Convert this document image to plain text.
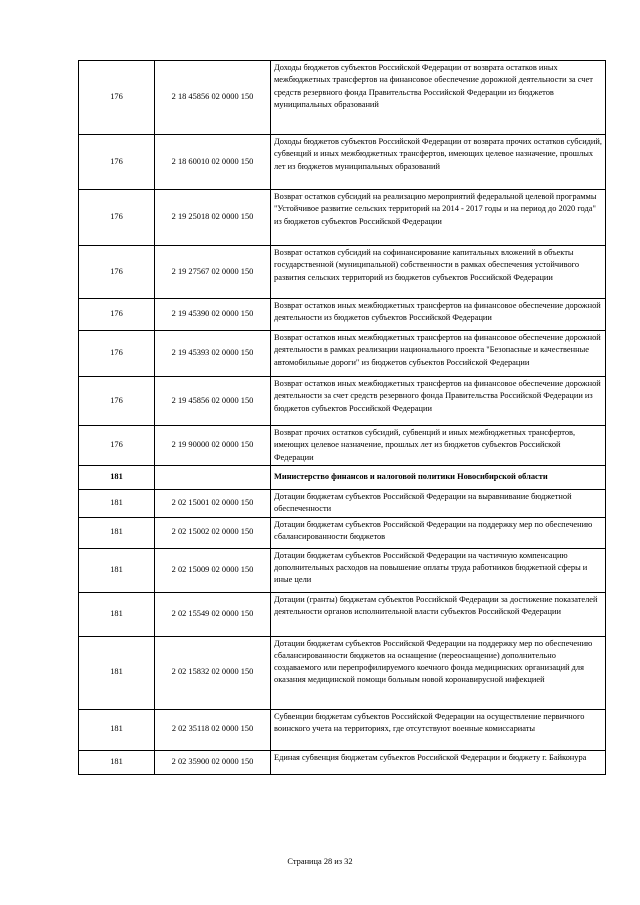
176	2 18 45856 02 0000 150	Доходы бюджетов субъектов Российской Федерации от возврата остатков иных межбюджетных трансфертов на финансовое обеспечение дорожной деятельности за счет средств резервного фонда Правительства Российской Федерации из бюджетов муниципальных образований
176	2 18 60010 02 0000 150	Доходы бюджетов субъектов Российской Федерации от возврата прочих остатков субсидий, субвенций и иных межбюджетных трансфертов, имеющих целевое назначение, прошлых лет из бюджетов муниципальных образований
176	2 19 25018 02 0000 150	Возврат остатков субсидий на реализацию мероприятий федеральной целевой программы "Устойчивое развитие сельских территорий на 2014 - 2017 годы и на период до 2020 года" из бюджетов субъектов Российской Федерации
176	2 19 27567 02 0000 150	Возврат остатков субсидий на софинансирование капитальных вложений в объекты государственной (муниципальной) собственности в рамках обеспечения устойчивого развития сельских территорий из бюджетов субъектов Российской Федерации
176	2 19 45390 02 0000 150	Возврат остатков иных межбюджетных трансфертов на финансовое обеспечение дорожной деятельности из бюджетов субъектов Российской Федерации
176	2 19 45393 02 0000 150	Возврат остатков иных межбюджетных трансфертов на финансовое обеспечение дорожной деятельности в рамках реализации национального проекта "Безопасные и качественные автомобильные дороги" из бюджетов субъектов Российской Федерации
176	2 19 45856 02 0000 150	Возврат остатков иных межбюджетных трансфертов на финансовое обеспечение дорожной деятельности за счет средств резервного фонда Правительства Российской Федерации из бюджетов субъектов Российской Федерации
176	2 19 90000 02 0000 150	Возврат прочих остатков субсидий, субвенций и иных межбюджетных трансфертов, имеющих целевое назначение, прошлых лет из бюджетов субъектов Российской Федерации
181		Министерство финансов и налоговой политики Новосибирской области
181	2 02 15001 02 0000 150	Дотации бюджетам субъектов Российской Федерации на выравнивание бюджетной обеспеченности
181	2 02 15002 02 0000 150	Дотации бюджетам субъектов Российской Федерации на поддержку мер по обеспечению сбалансированности бюджетов
181	2 02 15009 02 0000 150	Дотации бюджетам субъектов Российской Федерации на частичную компенсацию дополнительных расходов на повышение оплаты труда работников бюджетной сферы и иные цели
181	2 02 15549 02 0000 150	Дотации (гранты) бюджетам субъектов Российской Федерации за достижение показателей деятельности органов исполнительной власти субъектов Российской Федерации
181	2 02 15832 02 0000 150	Дотации бюджетам субъектов Российской Федерации на поддержку мер по обеспечению сбалансированности бюджетов на оснащение (переоснащение) дополнительно создаваемого или перепрофилируемого коечного фонда медицинских организаций для оказания медицинской помощи больным новой коронавирусной инфекцией
181	2 02 35118 02 0000 150	Субвенции бюджетам субъектов Российской Федерации на осуществление первичного воинского учета на территориях, где отсутствуют военные комиссариаты
181	2 02 35900 02 0000 150	Единая субвенция бюджетам субъектов Российской Федерации и бюджету г. Байконура
Страница 28 из 32
